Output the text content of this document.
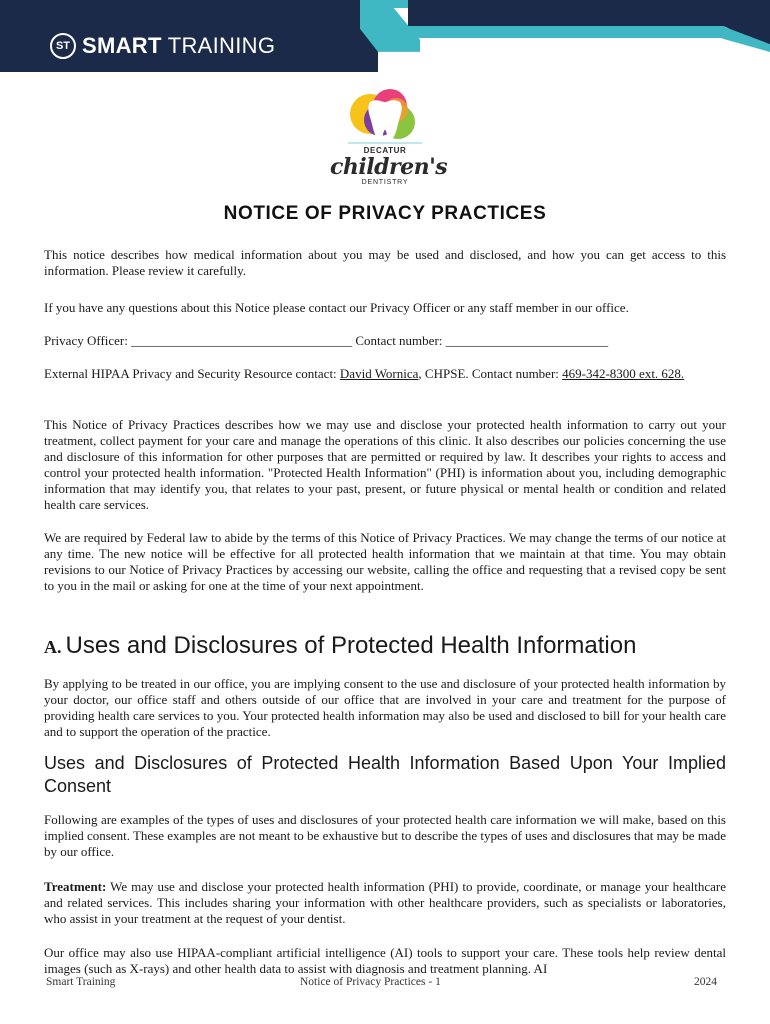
ST SMART TRAINING
DECATUR
children's
DENTISTRY
NOTICE OF PRIVACY PRACTICES

This notice describes how medical information about you may be used and disclosed, and how you can get access to this information. Please review it carefully.

If you have any questions about this Notice please contact our Privacy Officer or any staff member in our office.

Privacy Officer: __________________________________ Contact number: _________________________

External HIPAA Privacy and Security Resource contact: David Wornica, CHPSE. Contact number: 469-342-8300 ext. 628.

This Notice of Privacy Practices describes how we may use and disclose your protected health information to carry out your treatment, collect payment for your care and manage the operations of this clinic. It also describes our policies concerning the use and disclosure of this information for other purposes that are permitted or required by law. It describes your rights to access and control your protected health information. "Protected Health Information" (PHI) is information about you, including demographic information that may identify you, that relates to your past, present, or future physical or mental health or condition and related health care services.

We are required by Federal law to abide by the terms of this Notice of Privacy Practices. We may change the terms of our notice at any time. The new notice will be effective for all protected health information that we maintain at that time. You may obtain revisions to our Notice of Privacy Practices by accessing our website, calling the office and requesting that a revised copy be sent to you in the mail or asking for one at the time of your next appointment.

A. Uses and Disclosures of Protected Health Information

By applying to be treated in our office, you are implying consent to the use and disclosure of your protected health information by your doctor, our office staff and others outside of our office that are involved in your care and treatment for the purpose of providing health care services to you. Your protected health information may also be used and disclosed to bill for your health care and to support the operation of the practice.

Uses and Disclosures of Protected Health Information Based Upon Your Implied Consent

Following are examples of the types of uses and disclosures of your protected health care information we will make, based on this implied consent. These examples are not meant to be exhaustive but to describe the types of uses and disclosures that may be made by our office.

Treatment: We may use and disclose your protected health information (PHI) to provide, coordinate, or manage your healthcare and related services. This includes sharing your information with other healthcare providers, such as specialists or laboratories, who assist in your treatment at the request of your dentist.

Our office may also use HIPAA-compliant artificial intelligence (AI) tools to support your care. These tools help review dental images (such as X-rays) and other health data to assist with diagnosis and treatment planning. AI

Smart Training	Notice of Privacy Practices - 1	2024
